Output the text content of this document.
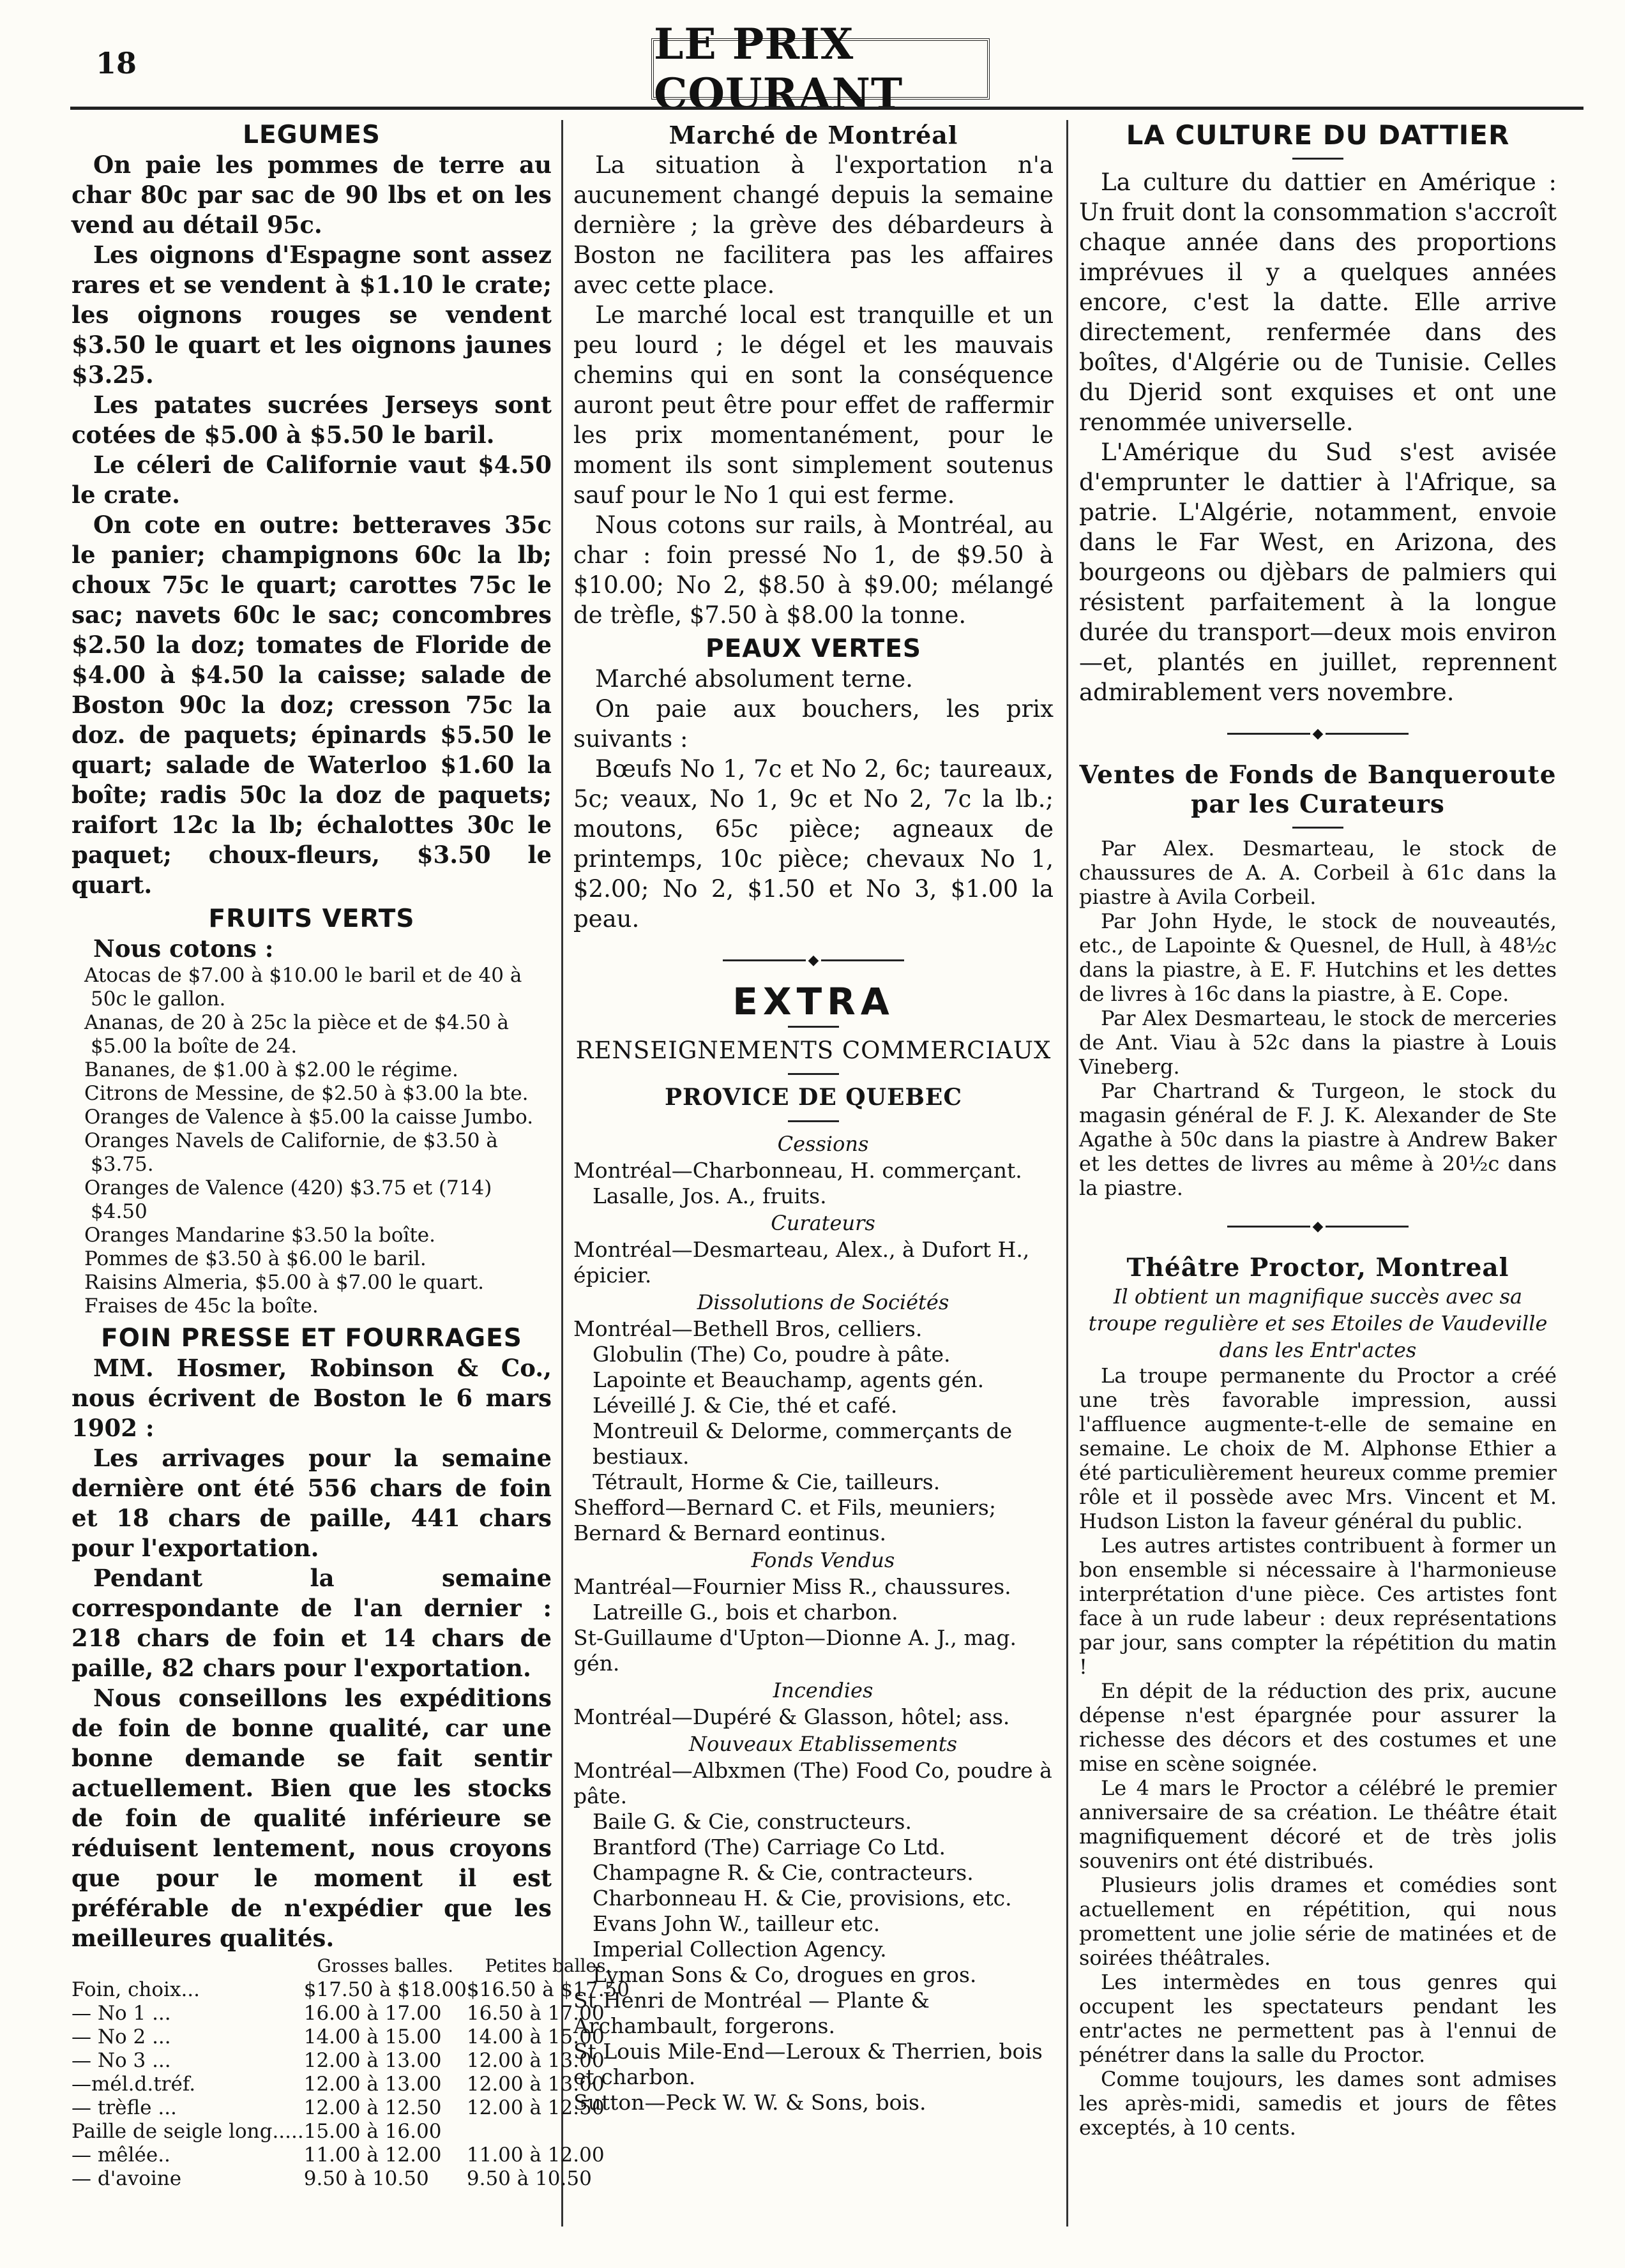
18	LE PRIX COURANT
LEGUMES

On paie les pommes de terre au char 80c par sac de 90 lbs et on les vend au détail 95c.

Les oignons d'Espagne sont assez rares et se vendent à $1.10 le crate; les oignons rouges se vendent $3.50 le quart et les oignons jaunes $3.25.

Les patates sucrées Jerseys sont cotées de $5.00 à $5.50 le baril.

Le céleri de Californie vaut $4.50 le crate.

On cote en outre: betteraves 35c le panier; champignons 60c la lb; choux 75c le quart; carottes 75c le sac; navets 60c le sac; concombres $2.50 la doz; tomates de Floride de $4.00 à $4.50 la caisse; salade de Boston 90c la doz; cresson 75c la doz. de paquets; épinards $5.50 le quart; salade de Waterloo $1.60 la boîte; radis 50c la doz de paquets; raifort 12c la lb; échalottes 30c le paquet; choux-fleurs, $3.50 le quart.

FRUITS VERTS

Nous cotons :

Atocas de $7.00 à $10.00 le baril et de 40 à 50c le gallon.
Ananas, de 20 à 25c la pièce et de $4.50 à $5.00 la boîte de 24.
Bananes, de $1.00 à $2.00 le régime.
Citrons de Messine, de $2.50 à $3.00 la bte.
Oranges de Valence à $5.00 la caisse Jumbo.
Oranges Navels de Californie, de $3.50 à $3.75.
Oranges de Valence (420) $3.75 et (714) $4.50
Oranges Mandarine $3.50 la boîte.
Pommes de $3.50 à $6.00 le baril.
Raisins Almeria, $5.00 à $7.00 le quart.
Fraises de 45c la boîte.
FOIN PRESSE ET FOURRAGES

MM. Hosmer, Robinson & Co., nous écrivent de Boston le 6 mars 1902 :

Les arrivages pour la semaine dernière ont été 556 chars de foin et 18 chars de paille, 441 chars pour l'exportation.

Pendant la semaine correspondante de l'an dernier : 218 chars de foin et 14 chars de paille, 82 chars pour l'exportation.

Nous conseillons les expéditions de foin de bonne qualité, car une bonne demande se fait sentir actuellement. Bien que les stocks de foin de qualité inférieure se réduisent lentement, nous croyons que pour le moment il est préférable de n'expédier que les meilleures qualités.

	Grosses balles.	Petites balles.
Foin, choix...	$17.50 à $18.00	$16.50 à $17.50
— No 1 ...	16.00 à 17.00	16.50 à 17.00
— No 2 ...	14.00 à 15.00	14.00 à 15.00
— No 3 ...	12.00 à 13.00	12.00 à 13.00
—mél.d.tréf.	12.00 à 13.00	12.00 à 13.00
— trèfle ...	12.00 à 12.50	12.00 à 12.50
Paille de seigle long.....	15.00 à 16.00	
— mêlée..	11.00 à 12.00	11.00 à 12.00
— d'avoine	9.50 à 10.50	9.50 à 10.50
Marché de Montréal

La situation à l'exportation n'a aucunement changé depuis la semaine dernière ; la grève des débardeurs à Boston ne facilitera pas les affaires avec cette place.

Le marché local est tranquille et un peu lourd ; le dégel et les mauvais chemins qui en sont la conséquence auront peut être pour effet de raffermir les prix momentanément, pour le moment ils sont simplement soutenus sauf pour le No 1 qui est ferme.

Nous cotons sur rails, à Montréal, au char : foin pressé No 1, de $9.50 à $10.00; No 2, $8.50 à $9.00; mélangé de trèfle, $7.50 à $8.00 la tonne.

PEAUX VERTES

Marché absolument terne.

On paie aux bouchers, les prix suivants :

Bœufs No 1, 7c et No 2, 6c; taureaux, 5c; veaux, No 1, 9c et No 2, 7c la lb.; moutons, 65c pièce; agneaux de printemps, 10c pièce; chevaux No 1, $2.00; No 2, $1.50 et No 3, $1.00 la peau.

◆
EXTRA
RENSEIGNEMENTS COMMERCIAUX
PROVICE DE QUEBEC
Cessions
Montréal—Charbonneau, H. commerçant.
Lasalle, Jos. A., fruits.
Curateurs
Montréal—Desmarteau, Alex., à Dufort H., épicier.
Dissolutions de Sociétés
Montréal—Bethell Bros, celliers.
Globulin (The) Co, poudre à pâte.
Lapointe et Beauchamp, agents gén.
Léveillé J. & Cie, thé et café.
Montreuil & Delorme, commerçants de bestiaux.
Tétrault, Horme & Cie, tailleurs.
Shefford—Bernard C. et Fils, meuniers; Bernard & Bernard eontinus.
Fonds Vendus
Mantréal—Fournier Miss R., chaussures.
Latreille G., bois et charbon.
St-Guillaume d'Upton—Dionne A. J., mag. gén.
Incendies
Montréal—Dupéré & Glasson, hôtel; ass.
Nouveaux Etablissements
Montréal—Albxmen (The) Food Co, poudre à pâte.
Baile G. & Cie, constructeurs.
Brantford (The) Carriage Co Ltd.
Champagne R. & Cie, contracteurs.
Charbonneau H. & Cie, provisions, etc.
Evans John W., tailleur etc.
Imperial Collection Agency.
Lyman Sons & Co, drogues en gros.
St Henri de Montréal — Plante & Archambault, forgerons.
St Louis Mile-End—Leroux & Therrien, bois et charbon.
Sutton—Peck W. W. & Sons, bois.
LA CULTURE DU DATTIER

La culture du dattier en Amérique : Un fruit dont la consommation s'accroît chaque année dans des proportions imprévues il y a quelques années encore, c'est la datte. Elle arrive directement, renfermée dans des boîtes, d'Algérie ou de Tunisie. Celles du Djerid sont exquises et ont une renommée universelle.

L'Amérique du Sud s'est avisée d'emprunter le dattier à l'Afrique, sa patrie. L'Algérie, notamment, envoie dans le Far West, en Arizona, des bourgeons ou djèbars de palmiers qui résistent parfaitement à la longue durée du transport—deux mois environ—et, plantés en juillet, reprennent admirablement vers novembre.

◆
Ventes de Fonds de Banqueroute par les Curateurs

Par Alex. Desmarteau, le stock de chaussures de A. A. Corbeil à 61c dans la piastre à Avila Corbeil.

Par John Hyde, le stock de nouveautés, etc., de Lapointe & Quesnel, de Hull, à 48½c dans la piastre, à E. F. Hutchins et les dettes de livres à 16c dans la piastre, à E. Cope.

Par Alex Desmarteau, le stock de merceries de Ant. Viau à 52c dans la piastre à Louis Vineberg.

Par Chartrand & Turgeon, le stock du magasin général de F. J. K. Alexander de Ste Agathe à 50c dans la piastre à Andrew Baker et les dettes de livres au même à 20½c dans la piastre.

◆
Théâtre Proctor, Montreal
Il obtient un magnifique succès avec sa troupe regulière et ses Etoiles de Vaudeville dans les Entr'actes

La troupe permanente du Proctor a créé une très favorable impression, aussi l'affluence augmente-t-elle de semaine en semaine. Le choix de M. Alphonse Ethier a été particulièrement heureux comme premier rôle et il possède avec Mrs. Vincent et M. Hudson Liston la faveur général du public.

Les autres artistes contribuent à former un bon ensemble si nécessaire à l'harmonieuse interprétation d'une pièce. Ces artistes font face à un rude labeur : deux représentations par jour, sans compter la répétition du matin !

En dépit de la réduction des prix, aucune dépense n'est épargnée pour assurer la richesse des décors et des costumes et une mise en scène soignée.

Le 4 mars le Proctor a célébré le premier anniversaire de sa création. Le théâtre était magnifiquement décoré et de très jolis souvenirs ont été distribués.

Plusieurs jolis drames et comédies sont actuellement en répétition, qui nous promettent une jolie série de matinées et de soirées théâtrales.

Les intermèdes en tous genres qui occupent les spectateurs pendant les entr'actes ne permettent pas à l'ennui de pénétrer dans la salle du Proctor.

Comme toujours, les dames sont admises les après-midi, samedis et jours de fêtes exceptés, à 10 cents.
